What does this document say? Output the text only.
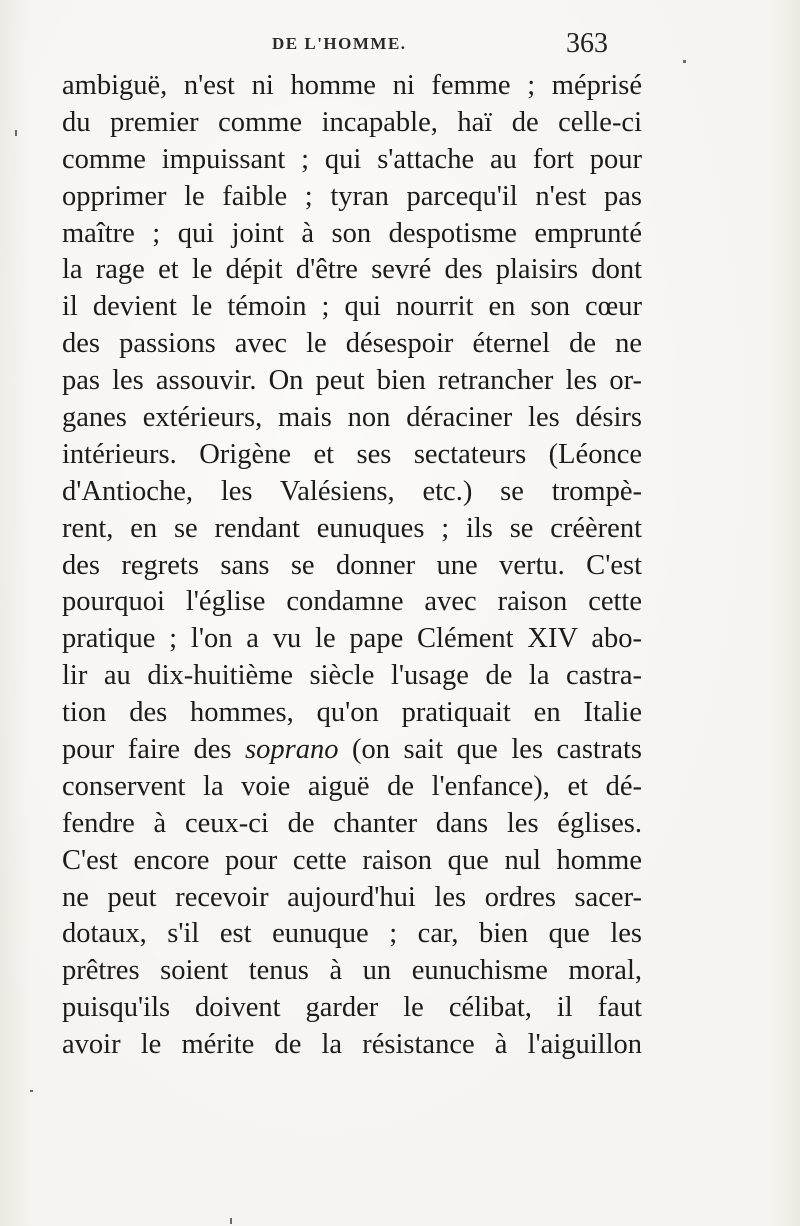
DE L'HOMME.	363
ambiguë, n'est ni homme ni femme ; méprisé
du premier comme incapable, haï de celle-ci
comme impuissant ; qui s'attache au fort pour
opprimer le faible ; tyran parcequ'il n'est pas
maître ; qui joint à son despotisme emprunté
la rage et le dépit d'être sevré des plaisirs dont
il devient le témoin ; qui nourrit en son cœur
des passions avec le désespoir éternel de ne
pas les assouvir. On peut bien retrancher les or-
ganes extérieurs, mais non déraciner les désirs
intérieurs. Origène et ses sectateurs (Léonce
d'Antioche, les Valésiens, etc.) se trompè-
rent, en se rendant eunuques ; ils se créèrent
des regrets sans se donner une vertu. C'est
pourquoi l'église condamne avec raison cette
pratique ; l'on a vu le pape Clément XIV abo-
lir au dix-huitième siècle l'usage de la castra-
tion des hommes, qu'on pratiquait en Italie
pour faire des soprano (on sait que les castrats
conservent la voie aiguë de l'enfance), et dé-
fendre à ceux-ci de chanter dans les églises.
C'est encore pour cette raison que nul homme
ne peut recevoir aujourd'hui les ordres sacer-
dotaux, s'il est eunuque ; car, bien que les
prêtres soient tenus à un eunuchisme moral,
puisqu'ils doivent garder le célibat, il faut
avoir le mérite de la résistance à l'aiguillon
